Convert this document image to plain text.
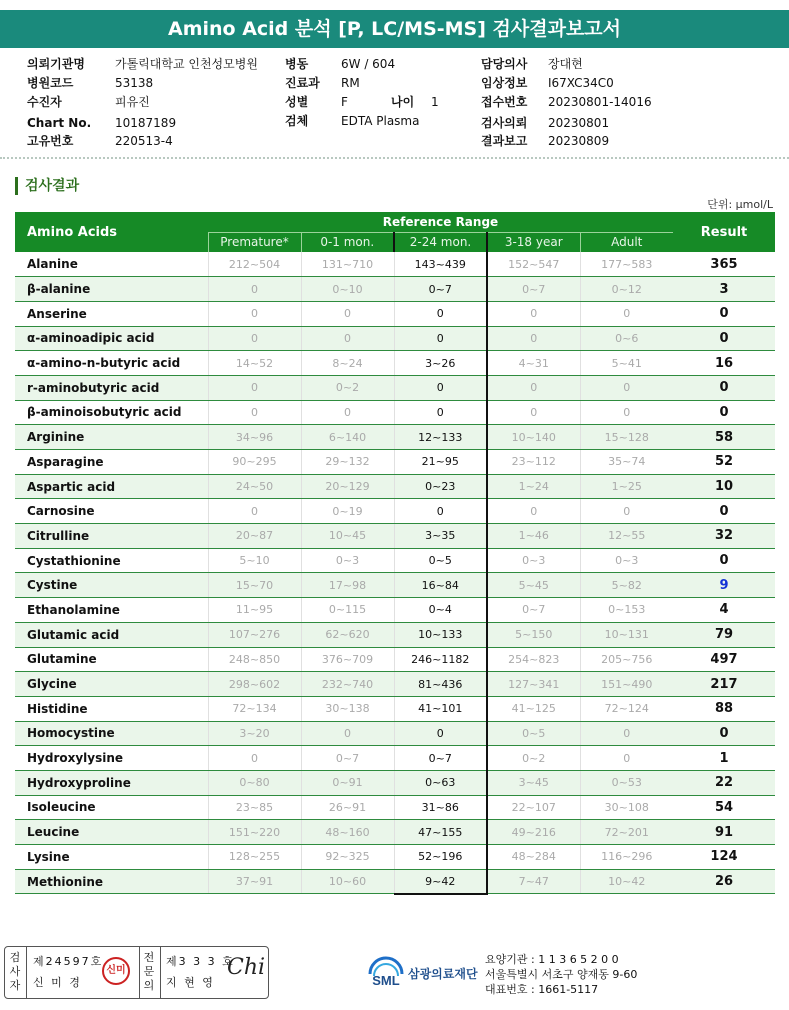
Amino Acid 분석 [P, LC/MS-MS] 검사결과보고서
의뢰기관명	가톨릭대학교 인천성모병원
병원코드	53138
수진자	피유진
Chart No. 10187189
고유번호	220513-4
병동	6W / 604
진료과 RM
성별	F	나이 1
검체	EDTA Plasma
담당의사 장대현
임상정보 I67XC34C0
접수번호 20230801-14016
검사의뢰 20230801
결과보고 20230809
검사결과
단위: μmol/L
Amino Acids	Reference Range					Result
	Premature*	0-1 mon.	2-24 mon.	3-18 year	Adult	
Alanine	212~504	131~710	143~439	152~547	177~583	365
β-alanine	0	0~10	0~7	0~7	0~12	3
Anserine	0	0	0	0	0	0
α-aminoadipic acid	0	0	0	0	0~6	0
α-amino-n-butyric acid	14~52	8~24	3~26	4~31	5~41	16
r-aminobutyric acid	0	0~2	0	0	0	0
β-aminoisobutyric acid	0	0	0	0	0	0
Arginine	34~96	6~140	12~133	10~140	15~128	58
Asparagine	90~295	29~132	21~95	23~112	35~74	52
Aspartic acid	24~50	20~129	0~23	1~24	1~25	10
Carnosine	0	0~19	0	0	0	0
Citrulline	20~87	10~45	3~35	1~46	12~55	32
Cystathionine	5~10	0~3	0~5	0~3	0~3	0
Cystine	15~70	17~98	16~84	5~45	5~82	9
Ethanolamine	11~95	0~115	0~4	0~7	0~153	4
Glutamic acid	107~276	62~620	10~133	5~150	10~131	79
Glutamine	248~850	376~709	246~1182	254~823	205~756	497
Glycine	298~602	232~740	81~436	127~341	151~490	217
Histidine	72~134	30~138	41~101	41~125	72~124	88
Homocystine	3~20	0	0	0~5	0	0
Hydroxylysine	0	0~7	0~7	0~2	0	1
Hydroxyproline	0~80	0~91	0~63	3~45	0~53	22
Isoleucine	23~85	26~91	31~86	22~107	30~108	54
Leucine	151~220	48~160	47~155	49~216	72~201	91
Lysine	128~255	92~325	52~196	48~284	116~296	124
Methionine	37~91	10~60	9~42	7~47	10~42	26
검사자
제24597호
신 미 경
신미
전문의
제3 3 3 호
지 현 영
Chi
SML 삼광의료재단
요양기관 : 1 1 3 6 5 2 0 0
서울특별시 서초구 양재동 9-60
대표번호 : 1661-5117
